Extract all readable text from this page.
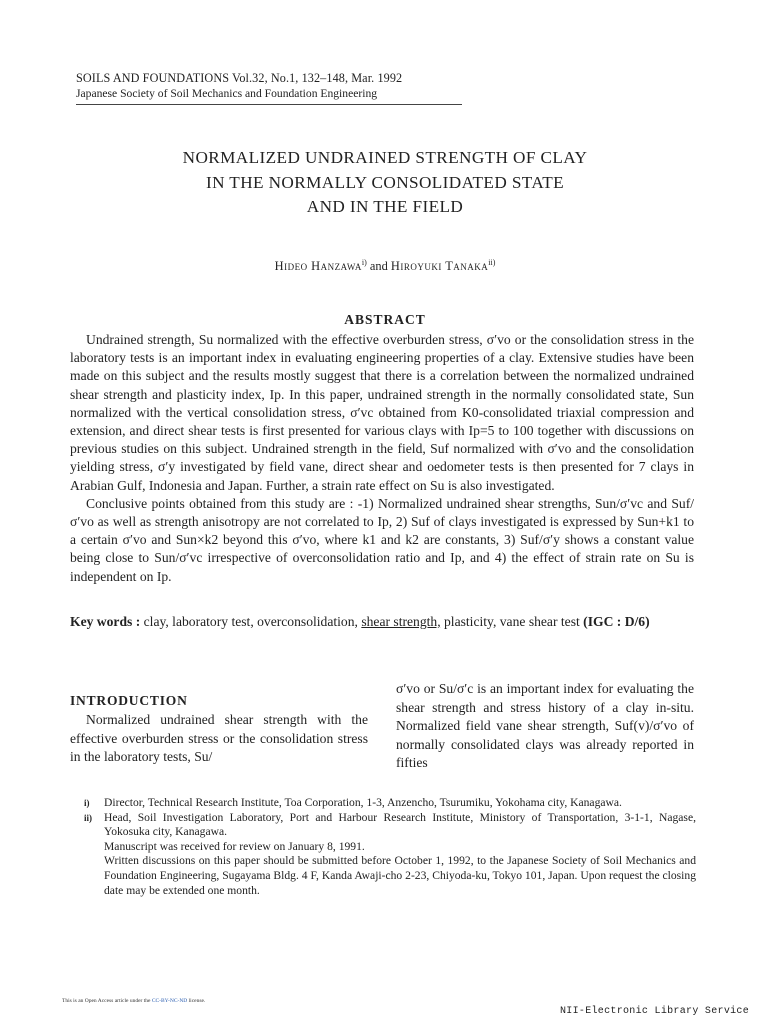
SOILS AND FOUNDATIONS Vol.32, No.1, 132–148, Mar. 1992
Japanese Society of Soil Mechanics and Foundation Engineering
NORMALIZED UNDRAINED STRENGTH OF CLAY
IN THE NORMALLY CONSOLIDATED STATE
AND IN THE FIELD
Hideo Hanzawa$^{i)}$ and Hiroyuki Tanaka$^{ii)}$
ABSTRACT

Undrained strength, Su normalized with the effective overburden stress, σ′vo or the consolidation stress in the laboratory tests is an important index in evaluating engineering properties of a clay. Extensive studies have been made on this subject and the results mostly suggest that there is a correlation between the normalized undrained shear strength and plasticity index, Ip. In this paper, undrained strength in the normally consolidated state, Sun normalized with the vertical consolidation stress, σ′vc obtained from K0-consolidated triaxial compression and extension, and direct shear tests is first presented for various clays with Ip=5 to 100 together with discussions on previous studies on this subject. Undrained strength in the field, Suf normalized with σ′vo and the consolidation yielding stress, σ′y investigated by field vane, direct shear and oedometer tests is then presented for 7 clays in Arabian Gulf, Indonesia and Japan. Further, a strain rate effect on Su is also investigated.

Conclusive points obtained from this study are : -1) Normalized undrained shear strengths, Sun/σ′vc and Suf/σ′vo as well as strength anisotropy are not correlated to Ip, 2) Suf of clays investigated is expressed by Sun+k1 to a certain σ′vo and Sun×k2 beyond this σ′vo, where k1 and k2 are constants, 3) Suf/σ′y shows a constant value being close to Sun/σ′vc irrespective of overconsolidation ratio and Ip, and 4) the effect of strain rate on Su is independent on Ip.

Key words : clay, laboratory test, overconsolidation, shear strength, plasticity, vane shear test (IGC : D/6)
INTRODUCTION

Normalized undrained shear strength with the effective overburden stress or the consolidation stress in the laboratory tests, Su/

σ′vo or Su/σ′c is an important index for evaluating the shear strength and stress history of a clay in-situ. Normalized field vane shear strength, Suf(v)/σ′vo of normally consolidated clays was already reported in fifties

i)	Director, Technical Research Institute, Toa Corporation, 1-3, Anzencho, Tsurumiku, Yokohama city, Kanagawa.
ii)	Head, Soil Investigation Laboratory, Port and Harbour Research Institute, Ministory of Transportation, 3-1-1, Nagase, Yokosuka city, Kanagawa.
Manuscript was received for review on January 8, 1991.
Written discussions on this paper should be submitted before October 1, 1992, to the Japanese Society of Soil Mechanics and Foundation Engineering, Sugayama Bldg. 4 F, Kanda Awaji-cho 2-23, Chiyoda-ku, Tokyo 101, Japan. Upon request the closing date may be extended one month.
This is an Open Access article under the CC-BY-NC-ND license.
NII-Electronic Library Service
